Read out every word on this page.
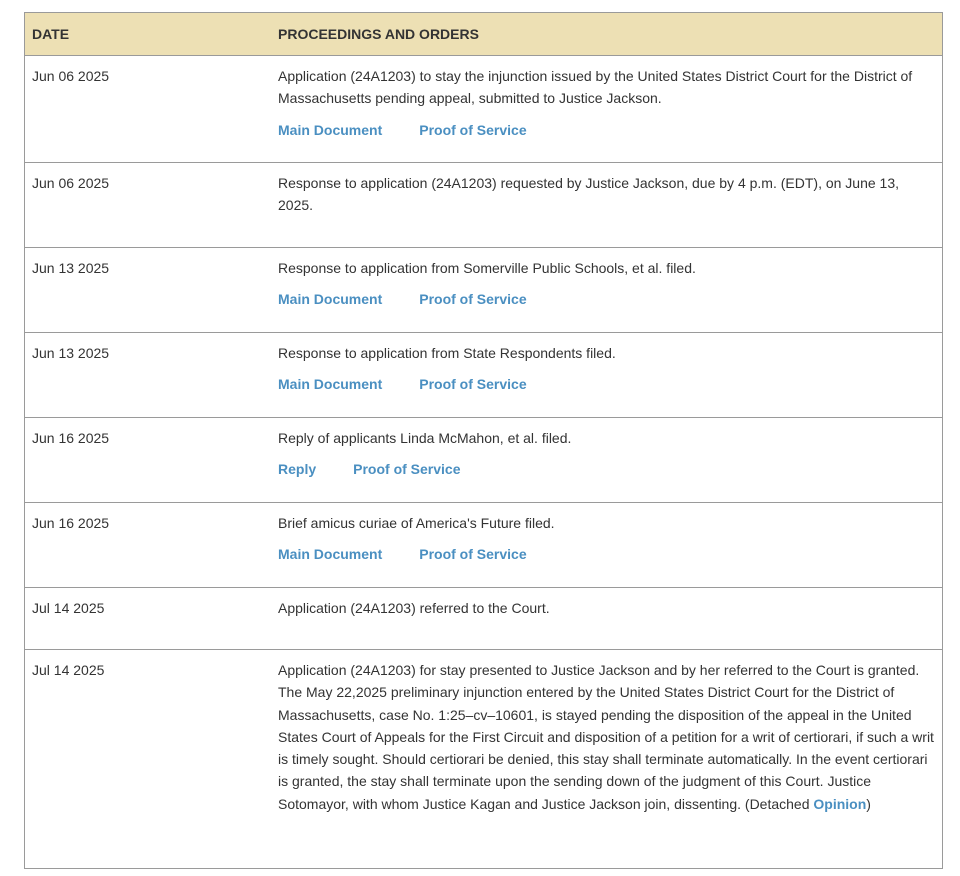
DATE	PROCEEDINGS AND ORDERS
Jun 06 2025	Application (24A1203) to stay the injunction issued by the United States District Court for the District of Massachusetts pending appeal, submitted to Justice Jackson.
Main Document	Proof of Service
Jun 06 2025	Response to application (24A1203) requested by Justice Jackson, due by 4 p.m. (EDT), on June 13, 2025.
Jun 13 2025	Response to application from Somerville Public Schools, et al. filed.
Main Document	Proof of Service
Jun 13 2025	Response to application from State Respondents filed.
Main Document	Proof of Service
Jun 16 2025	Reply of applicants Linda McMahon, et al. filed.
Reply	Proof of Service
Jun 16 2025	Brief amicus curiae of America's Future filed.
Main Document	Proof of Service
Jul 14 2025	Application (24A1203) referred to the Court.
Jul 14 2025	Application (24A1203) for stay presented to Justice Jackson and by her referred to the Court is granted. The May 22,2025 preliminary injunction entered by the United States District Court for the District of Massachusetts, case No. 1:25–cv–10601, is stayed pending the disposition of the appeal in the United States Court of Appeals for the First Circuit and disposition of a petition for a writ of certiorari, if such a writ is timely sought. Should certiorari be denied, this stay shall terminate automatically. In the event certiorari is granted, the stay shall terminate upon the sending down of the judgment of this Court. Justice Sotomayor, with whom Justice Kagan and Justice Jackson join, dissenting. (Detached Opinion)
